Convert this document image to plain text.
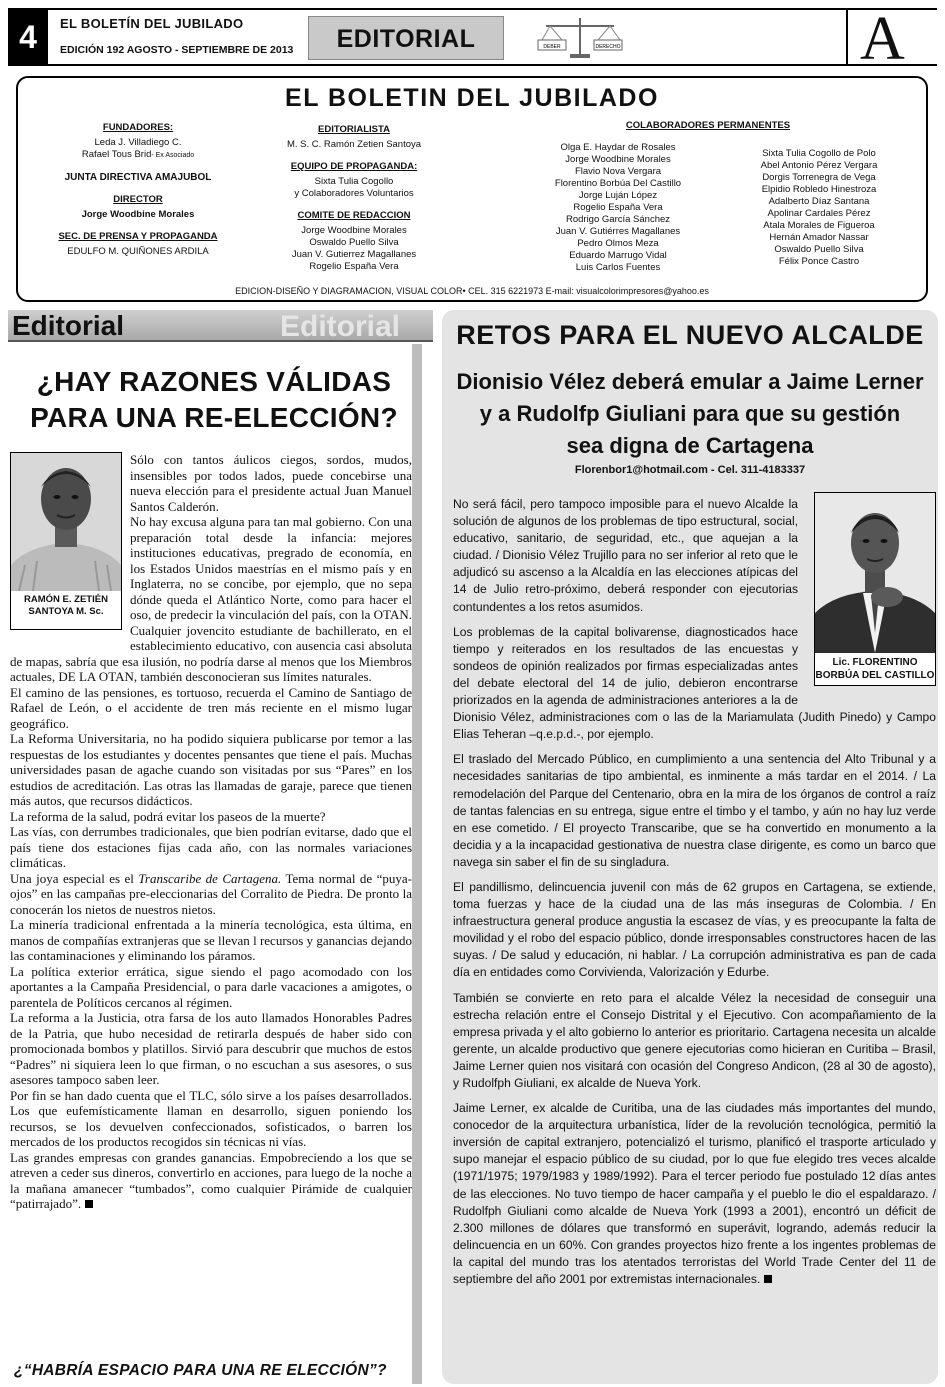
4	EL BOLETÍN DEL JUBILADO
EDICIÓN 192 AGOSTO - SEPTIEMBRE DE 2013	EDITORIAL	DEBER	DERECHO	A
EL BOLETIN DEL JUBILADO
FUNDADORES:
Leda J. Villadiego C.
Rafael Tous Brid- Ex Asociado
JUNTA DIRECTIVA AMAJUBOL
DIRECTOR
Jorge Woodbine Morales
SEC. DE PRENSA Y PROPAGANDA
EDULFO M. QUIÑONES ARDILA
EDITORIALISTA
M. S. C. Ramón Zetien Santoya
EQUIPO DE PROPAGANDA:
Sixta Tulia Cogollo
y Colaboradores Voluntarios
COMITE DE REDACCION
Jorge Woodbine Morales
Oswaldo Puello Silva
Juan V. Gutierrez Magallanes
Rogelio España Vera
COLABORADORES PERMANENTES
Olga E. Haydar de Rosales
Jorge Woodbine Morales
Flavio Nova Vergara
Florentino Borbúa Del Castillo
Jorge Luján López
Rogelio España Vera
Rodrigo García Sánchez
Juan V. Gutiérres Magallanes
Pedro Olmos Meza
Eduardo Marrugo Vidal
Luis Carlos Fuentes
Sixta Tulia Cogollo de Polo
Abel Antonio Pérez Vergara
Dorgis Torrenegra de Vega
Elpidio Robledo Hinestroza
Adalberto Díaz Santana
Apolinar Cardales Pérez
Atala Morales de Figueroa
Hernán Amador Nassar
Oswaldo Puello Silva
Félix Ponce Castro
EDICION-DISEÑO Y DIAGRAMACION, VISUAL COLOR• CEL. 315 6221973 E-mail: visualcolorimpresores@yahoo.es
Editorial	Editorial
¿HAY RAZONES VÁLIDAS
PARA UNA RE-ELECCIÓN?
RAMÓN E. ZETIÉN
SANTOYA M. Sc.

Sólo con tantos áulicos ciegos, sordos, mudos, insensibles por todos lados, puede concebirse una nueva elección para el presidente actual Juan Manuel Santos Calderón.

No hay excusa alguna para tan mal gobierno. Con una preparación total desde la infancia: mejores instituciones educativas, pregrado de economía, en los Estados Unidos maestrías en el mismo país y en Inglaterra, no se concibe, por ejemplo, que no sepa dónde queda el Atlántico Norte, como para hacer el oso, de predecir la vinculación del país, con la OTAN.

Cualquier jovencito estudiante de bachillerato, en el establecimiento educativo, con ausencia casi absoluta de mapas, sabría que esa ilusión, no podría darse al menos que los Miembros actuales, DE LA OTAN, también desconocieran sus límites naturales.

El camino de las pensiones, es tortuoso, recuerda el Camino de Santiago de Rafael de León, o el accidente de tren más reciente en el mismo lugar geográfico.

La Reforma Universitaria, no ha podido siquiera publicarse por temor a las respuestas de los estudiantes y docentes pensantes que tiene el país. Muchas universidades pasan de agache cuando son visitadas por sus “Pares” en los estudios de acreditación. Las otras las llamadas de garaje, parece que tienen más autos, que recursos didácticos.

La reforma de la salud, podrá evitar los paseos de la muerte?

Las vías, con derrumbes tradicionales, que bien podrían evitarse, dado que el país tiene dos estaciones fijas cada año, con las normales variaciones climáticas.

Una joya especial es el Transcaribe de Cartagena. Tema normal de “puya-ojos” en las campañas pre-eleccionarias del Corralito de Piedra. De pronto la conocerán los nietos de nuestros nietos.

La minería tradicional enfrentada a la minería tecnológica, esta última, en manos de compañías extranjeras que se llevan l recursos y ganancias dejando las contaminaciones y eliminando los páramos.

La política exterior errática, sigue siendo el pago acomodado con los aportantes a la Campaña Presidencial, o para darle vacaciones a amigotes, o parentela de Políticos cercanos al régimen.

La reforma a la Justicia, otra farsa de los auto llamados Honorables Padres de la Patria, que hubo necesidad de retirarla después de haber sido con promocionada bombos y platillos. Sirvió para descubrir que muchos de estos “Padres” ni siquiera leen lo que firman, o no escuchan a sus asesores, o sus asesores tampoco saben leer.

Por fin se han dado cuenta que el TLC, sólo sirve a los países desarrollados. Los que eufemísticamente llaman en desarrollo, siguen poniendo los recursos, se los devuelven confeccionados, sofisticados, o barren los mercados de los productos recogidos sin técnicas ni vías.

Las grandes empresas con grandes ganancias. Empobreciendo a los que se atreven a ceder sus dineros, convertirlo en acciones, para luego de la noche a la mañana amanecer “tumbados”, como cualquier Pirámide de cualquier “patirrajado”.

¿“HABRÍA ESPACIO PARA UNA RE ELECCIÓN”?
RETOS PARA EL NUEVO ALCALDE
Dionisio Vélez deberá emular a Jaime Lerner
y a Rudolfp Giuliani para que su gestión
sea digna de Cartagena
Florenbor1@hotmail.com - Cel. 311-4183337
Lic. FLORENTINO
BORBÚA DEL CASTILLO

No será fácil, pero tampoco imposible para el nuevo Alcalde la solución de algunos de los problemas de tipo estructural, social, educativo, sanitario, de seguridad, etc., que aquejan a la ciudad. / Dionisio Vélez Trujillo para no ser inferior al reto que le adjudicó su ascenso a la Alcaldía en las elecciones atípicas del 14 de Julio retro-próximo, deberá responder con ejecutorias contundentes a los retos asumidos.

Los problemas de la capital bolivarense, diagnosticados hace tiempo y reiterados en los resultados de las encuestas y sondeos de opinión realizados por firmas especializadas antes del debate electoral del 14 de julio, debieron encontrarse priorizados en la agenda de administraciones anteriores a la de Dionisio Vélez, administraciones com o las de la Mariamulata (Judith Pinedo) y Campo Elias Teheran –q.e.p.d.-, por ejemplo.

El traslado del Mercado Público, en cumplimiento a una sentencia del Alto Tribunal y a necesidades sanitarias de tipo ambiental, es inminente a más tardar en el 2014. / La remodelación del Parque del Centenario, obra en la mira de los órganos de control a raíz de tantas falencias en su entrega, sigue entre el timbo y el tambo, y aún no hay luz verde en ese cometido. / El proyecto Transcaribe, que se ha convertido en monumento a la decidia y a la incapacidad gestionativa de nuestra clase dirigente, es como un barco que navega sin saber el fin de su singladura.

El pandillismo, delincuencia juvenil con más de 62 grupos en Cartagena, se extiende, toma fuerzas y hace de la ciudad una de las más inseguras de Colombia. / En infraestructura general produce angustia la escasez de vías, y es preocupante la falta de movilidad y el robo del espacio público, donde irresponsables constructores hacen de las suyas. / De salud y educación, ni hablar. / La corrupción administrativa es pan de cada día en entidades como Corvivienda, Valorización y Edurbe.

También se convierte en reto para el alcalde Vélez la necesidad de conseguir una estrecha relación entre el Consejo Distrital y el Ejecutivo. Con acompañamiento de la empresa privada y el alto gobierno lo anterior es prioritario. Cartagena necesita un alcalde gerente, un alcalde productivo que genere ejecutorias como hicieran en Curitiba – Brasil, Jaime Lerner quien nos visitará con ocasión del Congreso Andicon, (28 al 30 de agosto), y Rudolfph Giuliani, ex alcalde de Nueva York.

Jaime Lerner, ex alcalde de Curitiba, una de las ciudades más importantes del mundo, conocedor de la arquitectura urbanística, líder de la revolución tecnológica, permitió la inversión de capital extranjero, potencializó el turismo, planificó el trasporte articulado y supo manejar el espacio público de su ciudad, por lo que fue elegido tres veces alcalde (1971/1975; 1979/1983 y 1989/1992). Para el tercer periodo fue postulado 12 días antes de las elecciones. No tuvo tiempo de hacer campaña y el pueblo le dio el espaldarazo. / Rudolfph Giuliani como alcalde de Nueva York (1993 a 2001), encontró un déficit de 2.300 millones de dólares que transformó en superávit, logrando, además reducir la delincuencia en un 60%. Con grandes proyectos hizo frente a los ingentes problemas de la capital del mundo tras los atentados terroristas del World Trade Center del 11 de septiembre del año 2001 por extremistas internacionales.
